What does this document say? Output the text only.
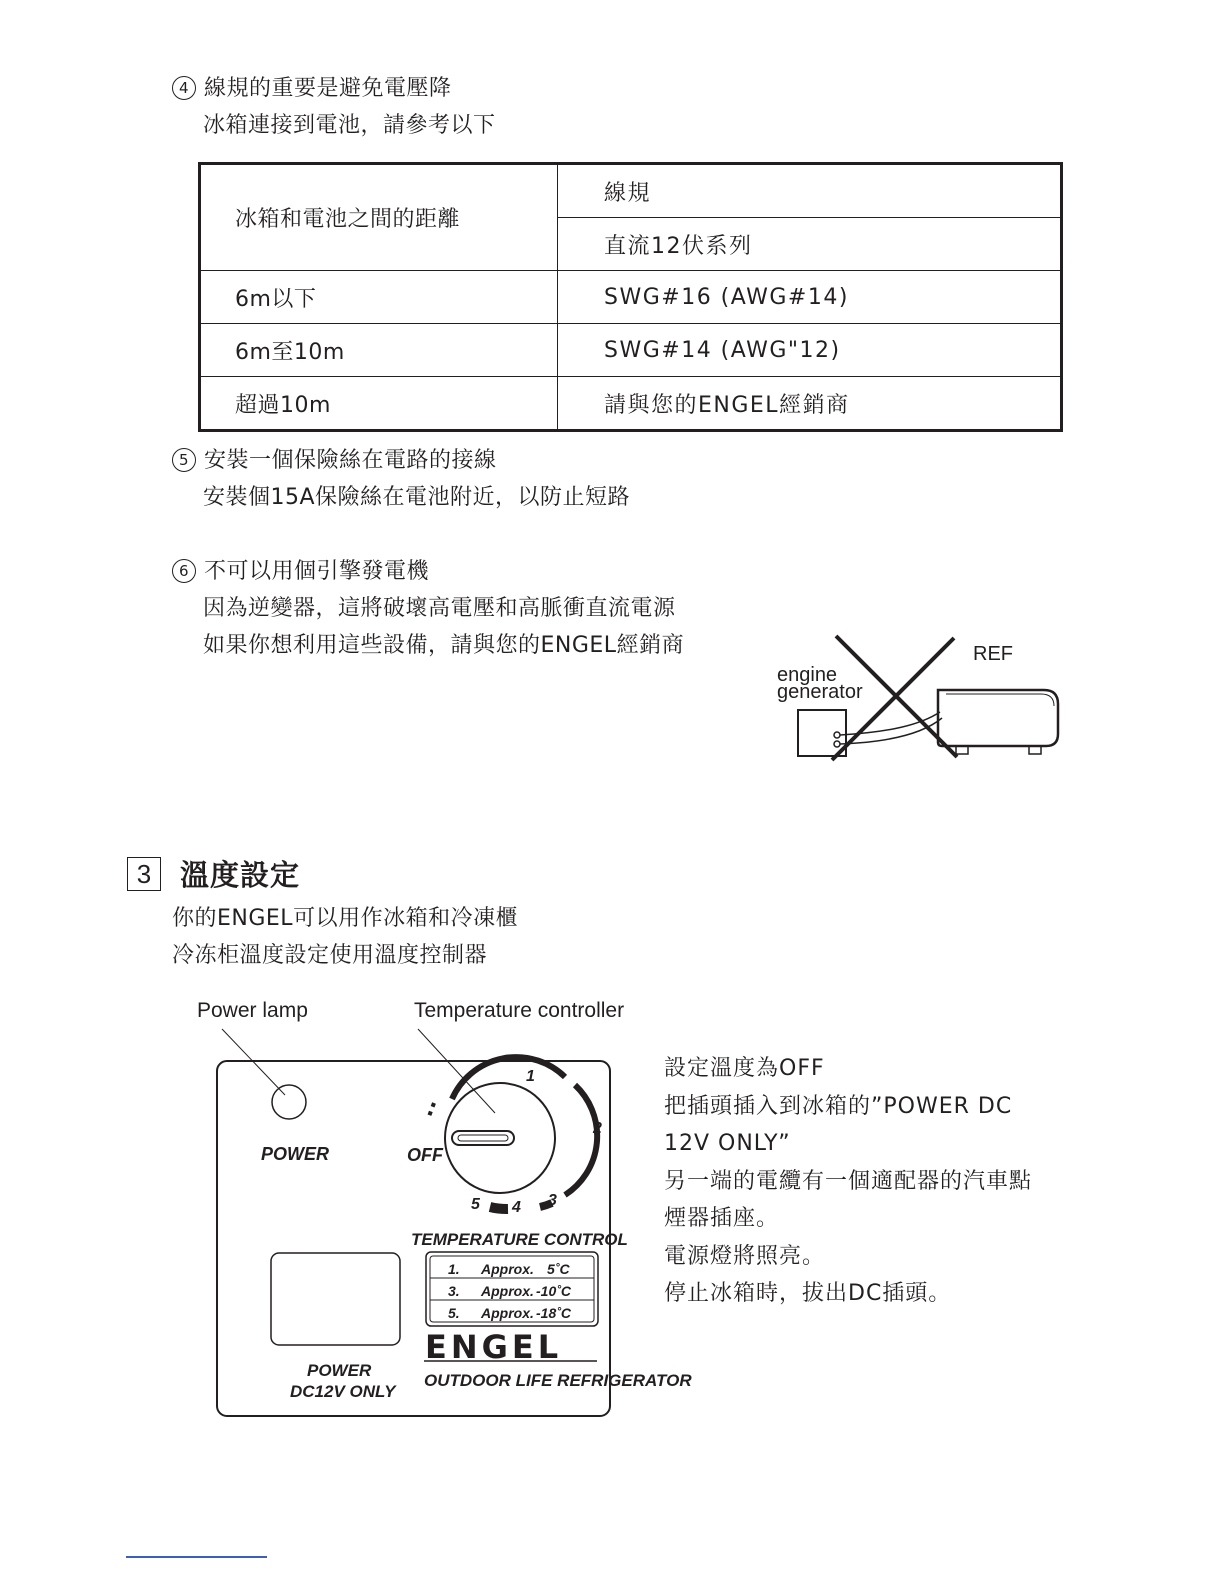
4 線規的重要是避免電壓降
冰箱連接到電池，請參考以下
冰箱和電池之間的距離	線規
	直流12伏系列
6m以下	SWG#16 (AWG#14)
6m至10m	SWG#14 (AWG"12)
超過10m	請與您的ENGEL經銷商
5 安裝一個保險絲在電路的接線
安裝個15A保險絲在電池附近，以防止短路
6 不可以用個引擎發電機
因為逆變器，這將破壞高電壓和高脈衝直流電源
如果你想利用這些設備，請與您的ENGEL經銷商
engine
generator
REF
3 溫度設定
你的ENGEL可以用作冰箱和冷凍櫃
冷冻柜溫度設定使用溫度控制器
Power lamp	Temperature controller
POWER	OFF
1
2
3
4
5
TEMPERATURE CONTROL
1. Approx. 5˚C
3. Approx. -10˚C
5. Approx. -18˚C
OUTDOOR LIFE REFRIGERATOR
POWER
DC12V ONLY
ENGEL
設定溫度為OFF
把插頭插入到冰箱的”POWER DC
12V ONLY”
另一端的電纜有一個適配器的汽車點
煙器插座。
電源燈將照亮。
停止冰箱時，拔出DC插頭。
